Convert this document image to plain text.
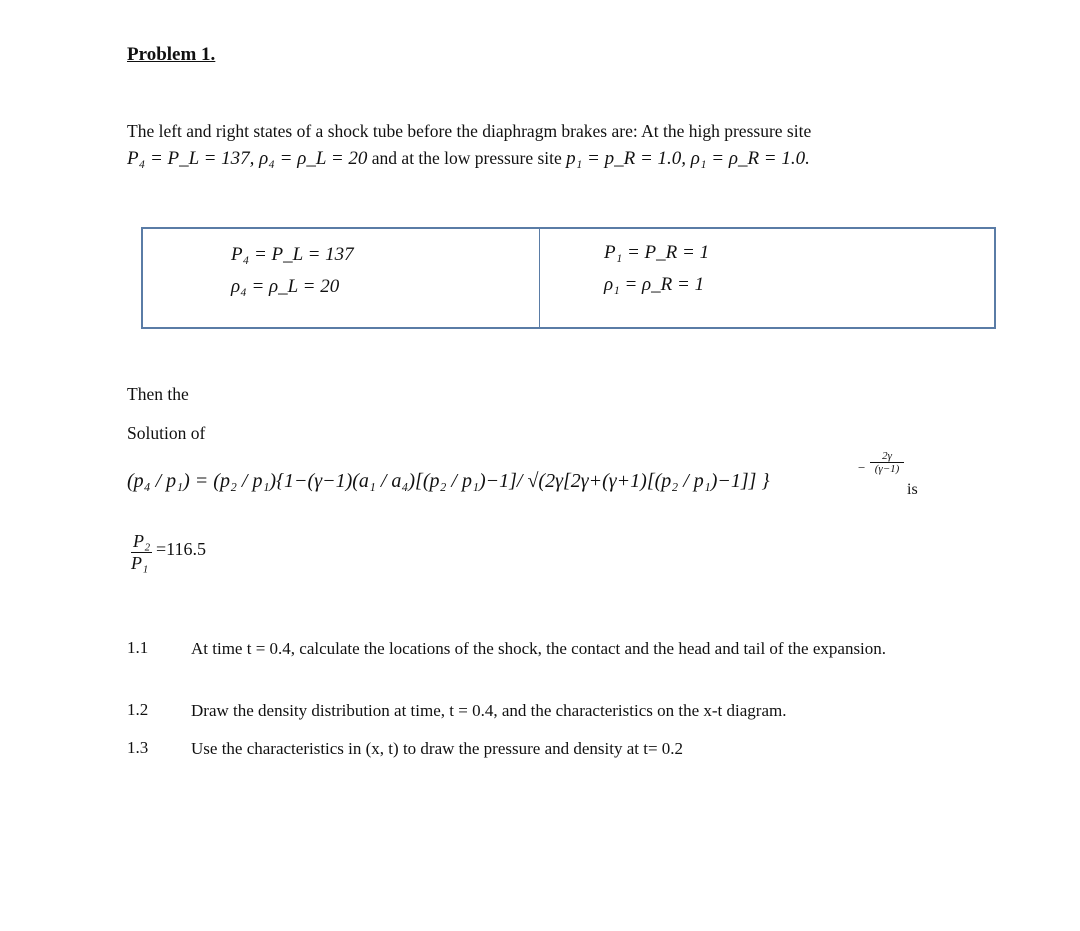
Problem 1.
The left and right states of a shock tube before the diaphragm brakes are: At the high pressure site
P₄ = P_L = 137, ρ₄ = ρ_L = 20 and at the low pressure site p₁ = p_R = 1.0, ρ₁ = ρ_R = 1.0.
P₄ = P_L = 137
ρ₄ = ρ_L = 20
P₁ = P_R = 1
ρ₁ = ρ_R = 1
Then the
Solution of
(p₄ / p₁) = (p₂ / p₁){1−(γ−1)(a₁ / a₄)[(p₂ / p₁)−1]/ √(2γ[2γ+(γ+1)[(p₂ / p₁)−1]] }
$\frac{2\gamma}{(\gamma-1)}$
−
is
$\frac{\text{P₂}}{\text{P₁}} =116.5$
1.1	At time t = 0.4, calculate the locations of the shock, the contact and the head and tail of the expansion.
1.2	Draw the density distribution at time, t = 0.4, and the characteristics on the x-t diagram.
1.3	Use the characteristics in (x, t) to draw the pressure and density at t= 0.2
